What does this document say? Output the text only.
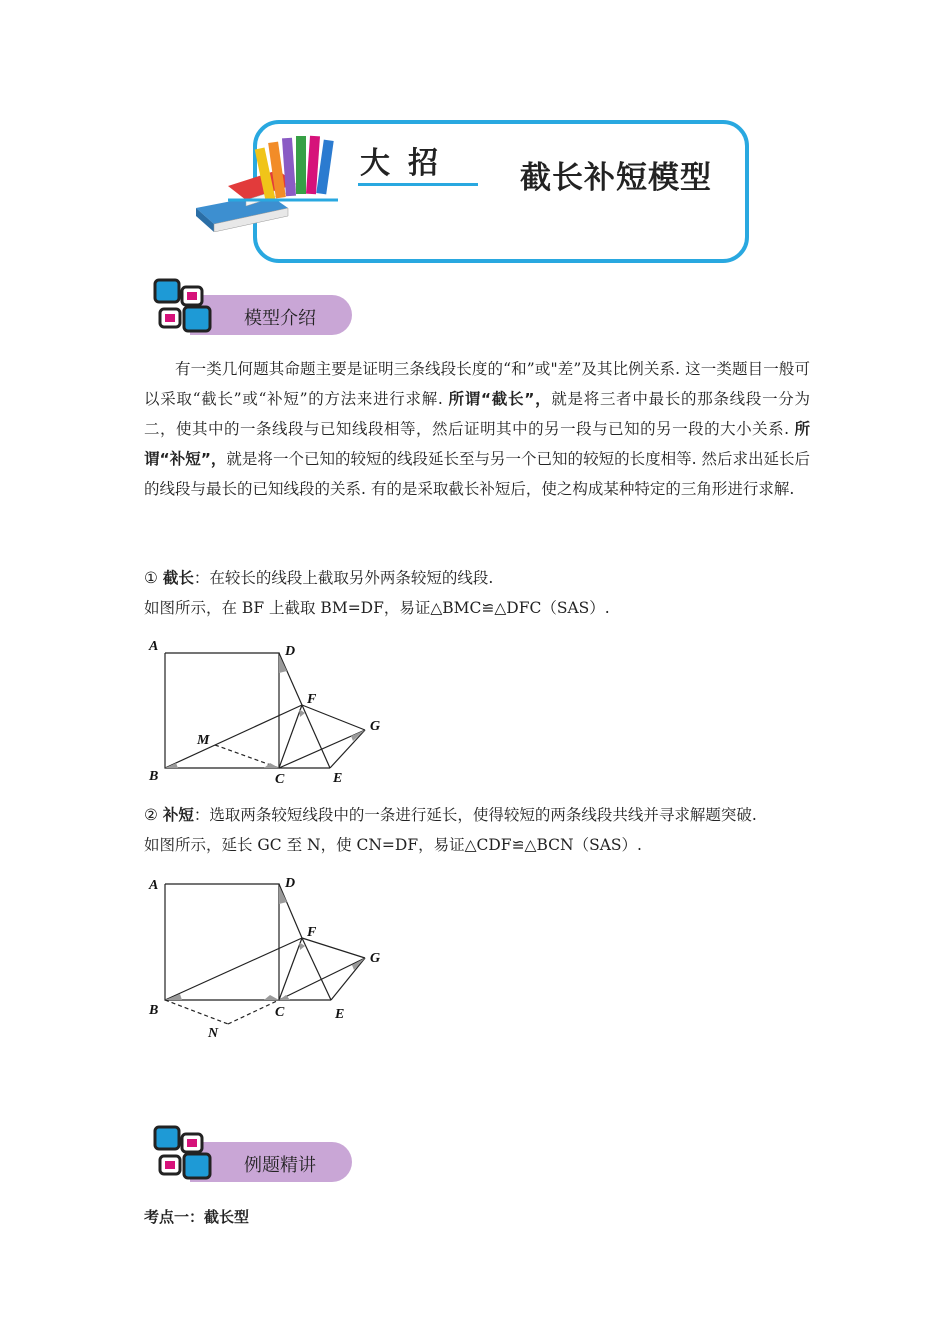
大招 截长补短模型
模型介绍

有一类几何题其命题主要是证明三条线段长度的“和”或"差”及其比例关系. 这一类题目一般可以采取“截长”或“补短”的方法来进行求解. 所谓“截长”，就是将三者中最长的那条线段一分为二，使其中的一条线段与已知线段相等，然后证明其中的另一段与已知的另一段的大小关系. 所谓“补短”，就是将一个已知的较短的线段延长至与另一个已知的较短的长度相等. 然后求出延长后的线段与最长的已知线段的关系. 有的是采取截长补短后，使之构成某种特定的三角形进行求解.

① 截长：在较长的线段上截取另外两条较短的线段.
如图所示，在 BF 上截取 BM=DF，易证△BMC≌△DFC（SAS）.
A	D
F
G
M
B	C	E
② 补短：选取两条较短线段中的一条进行延长，使得较短的两条线段共线并寻求解题突破.
如图所示，延长 GC 至 N，使 CN=DF，易证△CDF≌△BCN（SAS）.
A	D
F
G
B	C	E
N
例题精讲
考点一：截长型
